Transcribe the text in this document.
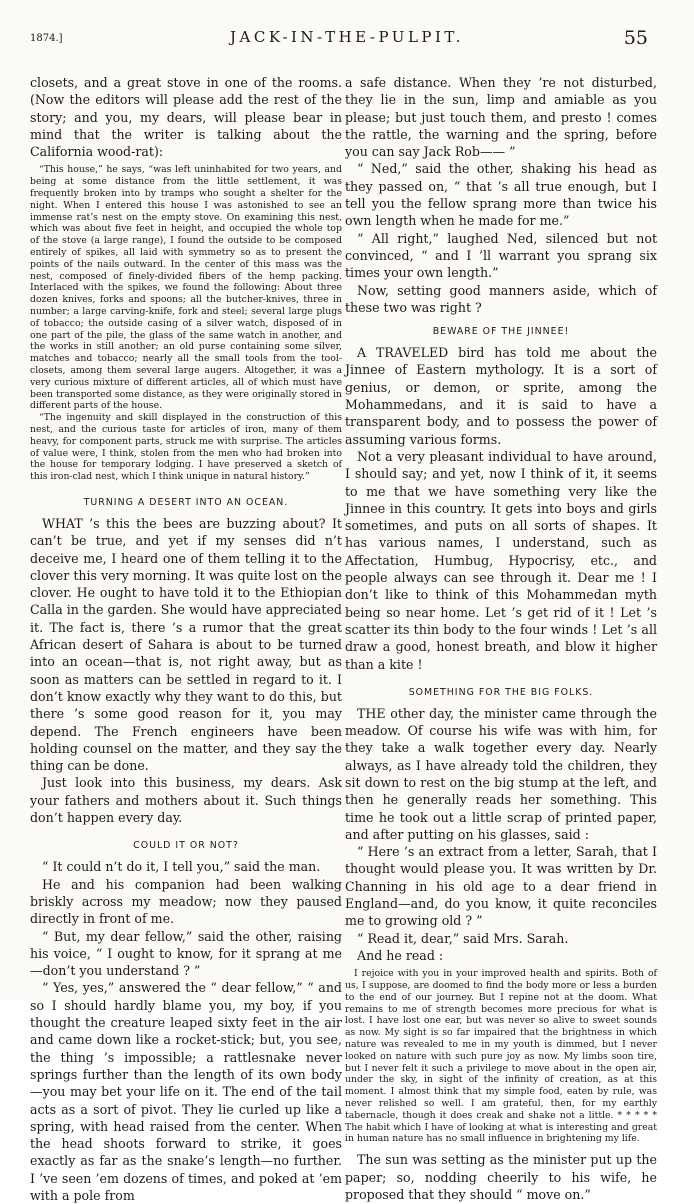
1874.]	JACK-IN-THE-PULPIT.	55

closets, and a great stove in one of the rooms. (Now the editors will please add the rest of the story; and you, my dears, will please bear in mind that the writer is talking about the California wood-rat):

“This house,” he says, “was left uninhabited for two years, and being at some distance from the little settlement, it was frequently broken into by tramps who sought a shelter for the night. When I entered this house I was astonished to see an immense rat’s nest on the empty stove. On examining this nest, which was about five feet in height, and occupied the whole top of the stove (a large range), I found the outside to be composed entirely of spikes, all laid with symmetry so as to present the points of the nails outward. In the center of this mass was the nest, composed of finely-divided fibers of the hemp packing. Interlaced with the spikes, we found the following: About three dozen knives, forks and spoons; all the butcher-knives, three in number; a large carving-knife, fork and steel; several large plugs of tobacco; the outside casing of a silver watch, disposed of in one part of the pile, the glass of the same watch in another, and the works in still another; an old purse containing some silver, matches and tobacco; nearly all the small tools from the tool-closets, among them several large augers. Altogether, it was a very curious mixture of different articles, all of which must have been transported some distance, as they were originally stored in different parts of the house.

“The ingenuity and skill displayed in the construction of this nest, and the curious taste for articles of iron, many of them heavy, for component parts, struck me with surprise. The articles of value were, I think, stolen from the men who had broken into the house for temporary lodging. I have preserved a sketch of this iron-clad nest, which I think unique in natural history.”

TURNING A DESERT INTO AN OCEAN.

WHAT ’s this the bees are buzzing about? It can’t be true, and yet if my senses did n’t deceive me, I heard one of them telling it to the clover this very morning. It was quite lost on the clover. He ought to have told it to the Ethiopian Calla in the garden. She would have appreciated it. The fact is, there ’s a rumor that the great African desert of Sahara is about to be turned into an ocean—that is, not right away, but as soon as matters can be settled in regard to it. I don’t know exactly why they want to do this, but there ’s some good reason for it, you may depend. The French engineers have been holding counsel on the matter, and they say the thing can be done.

Just look into this business, my dears. Ask your fathers and mothers about it. Such things don’t happen every day.

COULD IT OR NOT?

“ It could n’t do it, I tell you,” said the man.

He and his companion had been walking briskly across my meadow; now they paused directly in front of me.

“ But, my dear fellow,” said the other, raising his voice, “ I ought to know, for it sprang at me—don’t you understand ? ”

“ Yes, yes,” answered the “ dear fellow,” “ and so I should hardly blame you, my boy, if you thought the creature leaped sixty feet in the air and came down like a rocket-stick; but, you see, the thing ’s impossible; a rattlesnake never springs further than the length of its own body—you may bet your life on it. The end of the tail acts as a sort of pivot. They lie curled up like a spring, with head raised from the center. When the head shoots forward to strike, it goes exactly as far as the snake’s length—no further. I ’ve seen ’em dozens of times, and poked at ’em with a pole from

a safe distance. When they ’re not disturbed, they lie in the sun, limp and amiable as you please; but just touch them, and presto ! comes the rattle, the warning and the spring, before you can say Jack Rob—— ”

“ Ned,” said the other, shaking his head as they passed on, “ that ’s all true enough, but I tell you the fellow sprang more than twice his own length when he made for me.”

“ All right,” laughed Ned, silenced but not convinced, “ and I ’ll warrant you sprang six times your own length.”

Now, setting good manners aside, which of these two was right ?

BEWARE OF THE JINNEE!

A TRAVELED bird has told me about the Jinnee of Eastern mythology. It is a sort of genius, or demon, or sprite, among the Mohammedans, and it is said to have a transparent body, and to possess the power of assuming various forms.

Not a very pleasant individual to have around, I should say; and yet, now I think of it, it seems to me that we have something very like the Jinnee in this country. It gets into boys and girls sometimes, and puts on all sorts of shapes. It has various names, I understand, such as Affectation, Humbug, Hypocrisy, etc., and people always can see through it. Dear me ! I don’t like to think of this Mohammedan myth being so near home. Let ’s get rid of it ! Let ’s scatter its thin body to the four winds ! Let ’s all draw a good, honest breath, and blow it higher than a kite !

SOMETHING FOR THE BIG FOLKS.

THE other day, the minister came through the meadow. Of course his wife was with him, for they take a walk together every day. Nearly always, as I have already told the children, they sit down to rest on the big stump at the left, and then he generally reads her something. This time he took out a little scrap of printed paper, and after putting on his glasses, said :

“ Here ’s an extract from a letter, Sarah, that I thought would please you. It was written by Dr. Channing in his old age to a dear friend in England—and, do you know, it quite reconciles me to growing old ? ”

“ Read it, dear,” said Mrs. Sarah.

And he read :

I rejoice with you in your improved health and spirits. Both of us, I suppose, are doomed to find the body more or less a burden to the end of our journey. But I repine not at the doom. What remains to me of strength becomes more precious for what is lost. I have lost one ear, but was never so alive to sweet sounds as now. My sight is so far impaired that the brightness in which nature was revealed to me in my youth is dimmed, but I never looked on nature with such pure joy as now. My limbs soon tire, but I never felt it such a privilege to move about in the open air, under the sky, in sight of the infinity of creation, as at this moment. I almost think that my simple food, eaten by rule, was never relished so well. I am grateful, then, for my earthly tabernacle, though it does creak and shake not a little. * * * * * The habit which I have of looking at what is interesting and great in human nature has no small influence in brightening my life.

The sun was setting as the minister put up the paper; so, nodding cheerily to his wife, he proposed that they should “ move on.”
